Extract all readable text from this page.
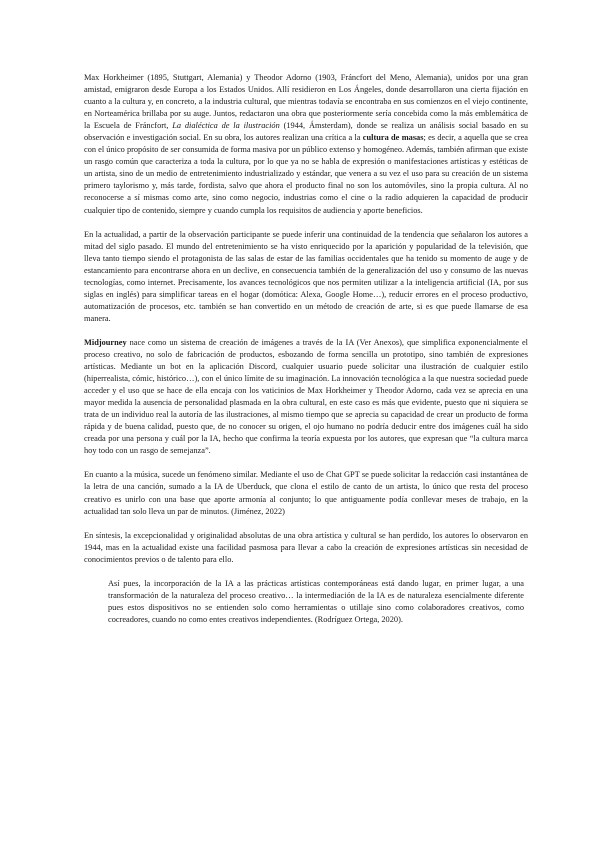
Max Horkheimer (1895, Stuttgart, Alemania) y Theodor Adorno (1903, Fráncfort del Meno, Alemania), unidos por una gran amistad, emigraron desde Europa a los Estados Unidos. Allí residieron en Los Ángeles, donde desarrollaron una cierta fijación en cuanto a la cultura y, en concreto, a la industria cultural, que mientras todavía se encontraba en sus comienzos en el viejo continente, en Norteamérica brillaba por su auge. Juntos, redactaron una obra que posteriormente sería concebida como la más emblemática de la Escuela de Fráncfort, La dialéctica de la ilustración (1944, Ámsterdam), donde se realiza un análisis social basado en su observación e investigación social. En su obra, los autores realizan una crítica a la cultura de masas; es decir, a aquella que se crea con el único propósito de ser consumida de forma masiva por un público extenso y homogéneo. Además, también afirman que existe un rasgo común que caracteriza a toda la cultura, por lo que ya no se habla de expresión o manifestaciones artísticas y estéticas de un artista, sino de un medio de entretenimiento industrializado y estándar, que venera a su vez el uso para su creación de un sistema primero taylorismo y, más tarde, fordista, salvo que ahora el producto final no son los automóviles, sino la propia cultura. Al no reconocerse a sí mismas como arte, sino como negocio, industrias como el cine o la radio adquieren la capacidad de producir cualquier tipo de contenido, siempre y cuando cumpla los requisitos de audiencia y aporte beneficios.

En la actualidad, a partir de la observación participante se puede inferir una continuidad de la tendencia que señalaron los autores a mitad del siglo pasado. El mundo del entretenimiento se ha visto enriquecido por la aparición y popularidad de la televisión, que lleva tanto tiempo siendo el protagonista de las salas de estar de las familias occidentales que ha tenido su momento de auge y de estancamiento para encontrarse ahora en un declive, en consecuencia también de la generalización del uso y consumo de las nuevas tecnologías, como internet. Precisamente, los avances tecnológicos que nos permiten utilizar a la inteligencia artificial (IA, por sus siglas en inglés) para simplificar tareas en el hogar (domótica: Alexa, Google Home…), reducir errores en el proceso productivo, automatización de procesos, etc. también se han convertido en un método de creación de arte, si es que puede llamarse de esa manera.

Midjourney nace como un sistema de creación de imágenes a través de la IA (Ver Anexos), que simplifica exponencialmente el proceso creativo, no solo de fabricación de productos, esbozando de forma sencilla un prototipo, sino también de expresiones artísticas. Mediante un bot en la aplicación Discord, cualquier usuario puede solicitar una ilustración de cualquier estilo (hiperrealista, cómic, histórico…), con el único límite de su imaginación. La innovación tecnológica a la que nuestra sociedad puede acceder y el uso que se hace de ella encaja con los vaticinios de Max Horkheimer y Theodor Adorno, cada vez se aprecia en una mayor medida la ausencia de personalidad plasmada en la obra cultural, en este caso es más que evidente, puesto que ni siquiera se trata de un individuo real la autoría de las ilustraciones, al mismo tiempo que se aprecia su capacidad de crear un producto de forma rápida y de buena calidad, puesto que, de no conocer su origen, el ojo humano no podría deducir entre dos imágenes cuál ha sido creada por una persona y cuál por la IA, hecho que confirma la teoría expuesta por los autores, que expresan que “la cultura marca hoy todo con un rasgo de semejanza”.

En cuanto a la música, sucede un fenómeno similar. Mediante el uso de Chat GPT se puede solicitar la redacción casi instantánea de la letra de una canción, sumado a la IA de Uberduck, que clona el estilo de canto de un artista, lo único que resta del proceso creativo es unirlo con una base que aporte armonía al conjunto; lo que antiguamente podía conllevar meses de trabajo, en la actualidad tan solo lleva un par de minutos. (Jiménez, 2022)

En síntesis, la excepcionalidad y originalidad absolutas de una obra artística y cultural se han perdido, los autores lo observaron en 1944, mas en la actualidad existe una facilidad pasmosa para llevar a cabo la creación de expresiones artísticas sin necesidad de conocimientos previos o de talento para ello.

Así pues, la incorporación de la IA a las prácticas artísticas contemporáneas está dando lugar, en primer lugar, a una transformación de la naturaleza del proceso creativo… la intermediación de la IA es de naturaleza esencialmente diferente pues estos dispositivos no se entienden solo como herramientas o utillaje sino como colaboradores creativos, como cocreadores, cuando no como entes creativos independientes. (Rodríguez Ortega, 2020).
